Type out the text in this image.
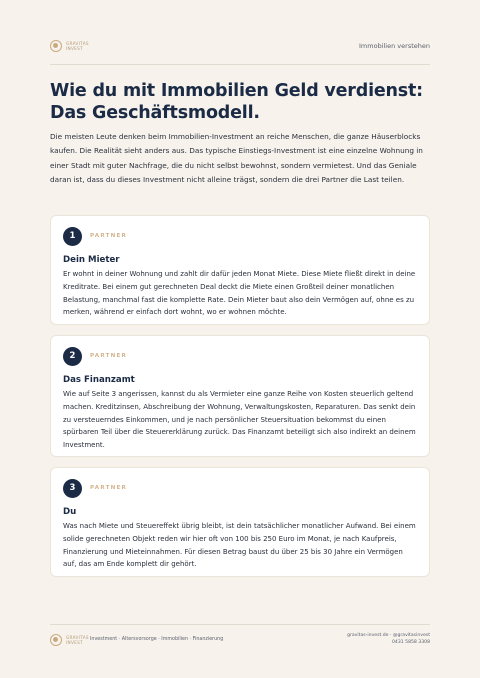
GRAVITAS
INVEST	Immobilien verstehen
Wie du mit Immobilien Geld verdienst: Das Geschäftsmodell.

Die meisten Leute denken beim Immobilien-Investment an reiche Menschen, die ganze Häuserblocks kaufen. Die Realität sieht anders aus. Das typische Einstiegs-Investment ist eine einzelne Wohnung in einer Stadt mit guter Nachfrage, die du nicht selbst bewohnst, sondern vermietest. Und das Geniale daran ist, dass du dieses Investment nicht alleine trägst, sondern die drei Partner die Last teilen.

1	PARTNER
Dein Mieter

Er wohnt in deiner Wohnung und zahlt dir dafür jeden Monat Miete. Diese Miete fließt direkt in deine Kreditrate. Bei einem gut gerechneten Deal deckt die Miete einen Großteil deiner monatlichen Belastung, manchmal fast die komplette Rate. Dein Mieter baut also dein Vermögen auf, ohne es zu merken, während er einfach dort wohnt, wo er wohnen möchte.

2	PARTNER
Das Finanzamt

Wie auf Seite 3 angerissen, kannst du als Vermieter eine ganze Reihe von Kosten steuerlich geltend machen. Kreditzinsen, Abschreibung der Wohnung, Verwaltungskosten, Reparaturen. Das senkt dein zu versteuerndes Einkommen, und je nach persönlicher Steuersituation bekommst du einen spürbaren Teil über die Steuererklärung zurück. Das Finanzamt beteiligt sich also indirekt an deinem Investment.

3	PARTNER
Du

Was nach Miete und Steuereffekt übrig bleibt, ist dein tatsächlicher monatlicher Aufwand. Bei einem solide gerechneten Objekt reden wir hier oft von 100 bis 250 Euro im Monat, je nach Kaufpreis, Finanzierung und Mieteinnahmen. Für diesen Betrag baust du über 25 bis 30 Jahre ein Vermögen auf, das am Ende komplett dir gehört.

GRAVITAS
INVEST
Investment · Altersvorsorge · Immobilien · Finanzierung
gravitas-invest.de · @gravitasinvest
0431 5858 3308
